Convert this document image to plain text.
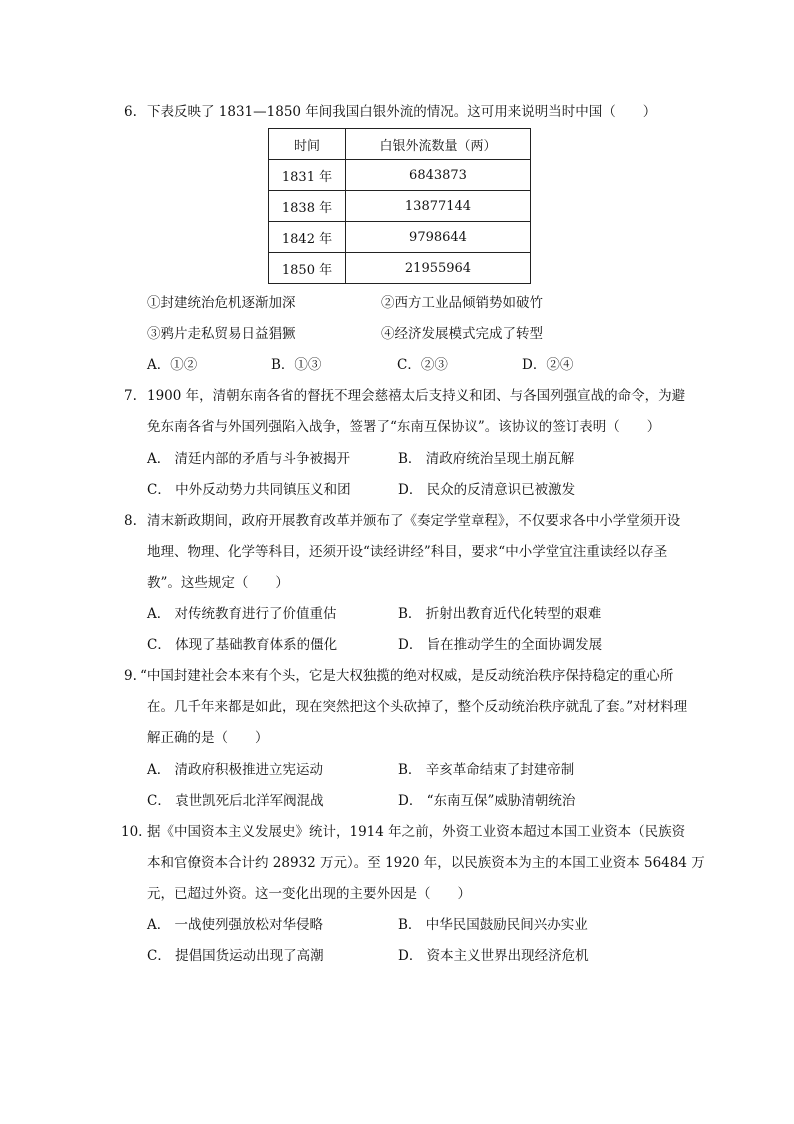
6. 下表反映了 1831—1850 年间我国白银外流的情况。这可用来说明当时中国（　　）
时间	白银外流数量（两）
1831 年	6843873
1838 年	13877144
1842 年	9798644
1850 年	21955964
①封建统治危机逐渐加深	②西方工业品倾销势如破竹
③鸦片走私贸易日益猖獗	④经济发展模式完成了转型
A．①②	B．①③	C．②③	D．②④
7. 1900 年，清朝东南各省的督抚不理会慈禧太后支持义和团、与各国列强宣战的命令，为避
免东南各省与外国列强陷入战争，签署了“东南互保协议”。该协议的签订表明（　　）
A． 清廷内部的矛盾与斗争被揭开	B． 清政府统治呈现土崩瓦解
C． 中外反动势力共同镇压义和团	D． 民众的反清意识已被激发
8. 清末新政期间，政府开展教育改革并颁布了《奏定学堂章程》，不仅要求各中小学堂须开设
地理、物理、化学等科目，还须开设“读经讲经”科目，要求“中小学堂宜注重读经以存圣
教”。这些规定（　　）
A． 对传统教育进行了价值重估	B． 折射出教育近代化转型的艰难
C． 体现了基础教育体系的僵化	D． 旨在推动学生的全面协调发展
9. “中国封建社会本来有个头，它是大权独揽的绝对权威，是反动统治秩序保持稳定的重心所
在。几千年来都是如此，现在突然把这个头砍掉了，整个反动统治秩序就乱了套。”对材料理
解正确的是（　　）
A． 清政府积极推进立宪运动	B． 辛亥革命结束了封建帝制
C． 袁世凯死后北洋军阀混战	D． “东南互保”威胁清朝统治
10. 据《中国资本主义发展史》统计，1914 年之前，外资工业资本超过本国工业资本（民族资
本和官僚资本合计约 28932 万元）。至 1920 年，以民族资本为主的本国工业资本 56484 万
元，已超过外资。这一变化出现的主要外因是（　　）
A． 一战使列强放松对华侵略	B． 中华民国鼓励民间兴办实业
C． 提倡国货运动出现了高潮	D． 资本主义世界出现经济危机
